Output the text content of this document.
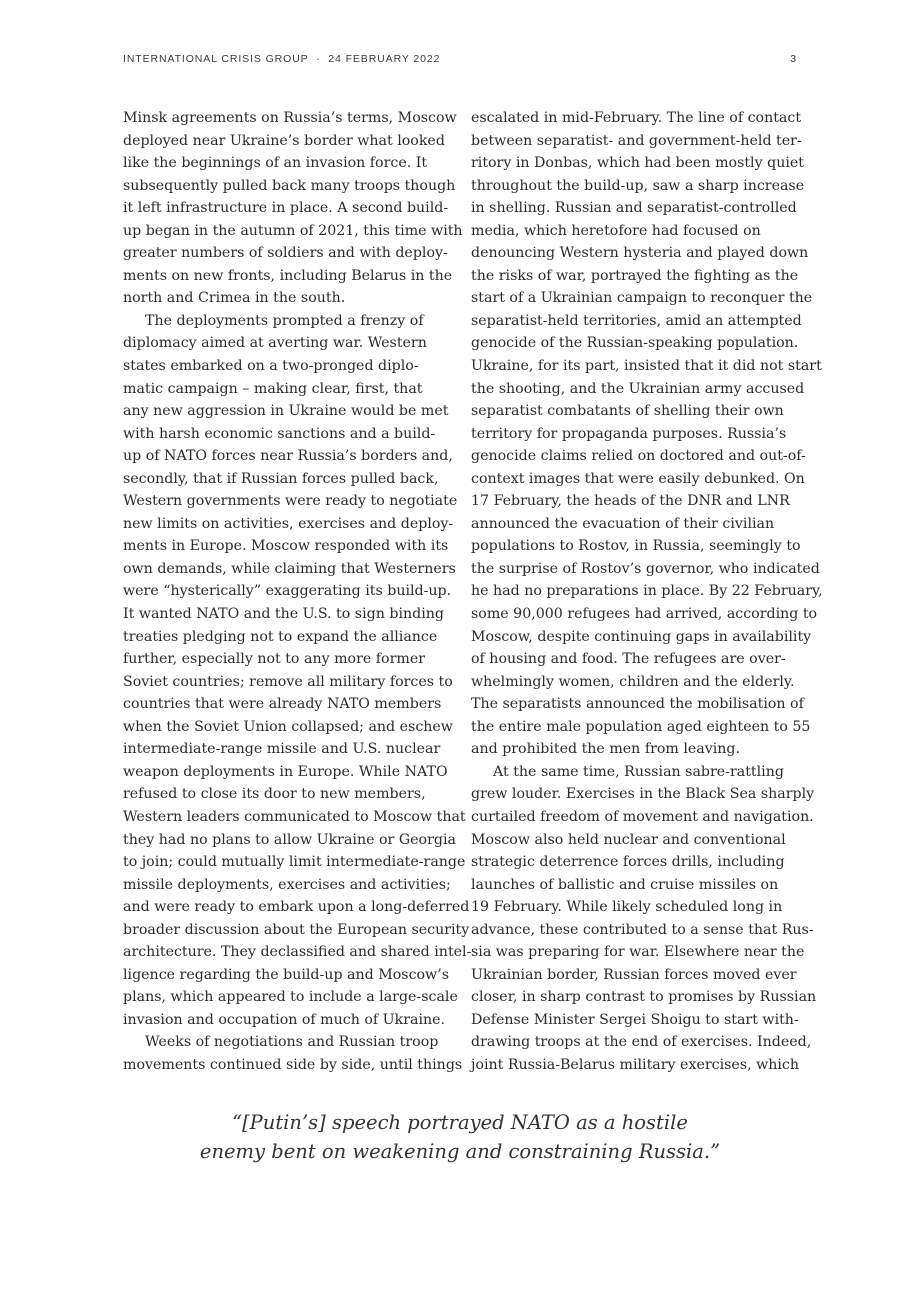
INTERNATIONAL CRISIS GROUP · 24 FEBRUARY 2022	3
Minsk agreements on Russia’s terms, Moscow
deployed near Ukraine’s border what looked
like the beginnings of an invasion force. It
subsequently pulled back many troops though
it left infrastructure in place. A second build-
up began in the autumn of 2021, this time with
greater numbers of soldiers and with deploy-
ments on new fronts, including Belarus in the
north and Crimea in the south.
The deployments prompted a frenzy of
diplomacy aimed at averting war. Western
states embarked on a two-pronged diplo-
matic campaign – making clear, first, that
any new aggression in Ukraine would be met
with harsh economic sanctions and a build-
up of NATO forces near Russia’s borders and,
secondly, that if Russian forces pulled back,
Western governments were ready to negotiate
new limits on activities, exercises and deploy-
ments in Europe. Moscow responded with its
own demands, while claiming that Westerners
were “hysterically” exaggerating its build-up.
It wanted NATO and the U.S. to sign binding
treaties pledging not to expand the alliance
further, especially not to any more former
Soviet countries; remove all military forces to
countries that were already NATO members
when the Soviet Union collapsed; and eschew
intermediate-range missile and U.S. nuclear
weapon deployments in Europe. While NATO
refused to close its door to new members,
Western leaders communicated to Moscow that
they had no plans to allow Ukraine or Georgia
to join; could mutually limit intermediate-range
missile deployments, exercises and activities;
and were ready to embark upon a long-deferred
broader discussion about the European security
architecture. They declassified and shared intel-
ligence regarding the build-up and Moscow’s
plans, which appeared to include a large-scale
invasion and occupation of much of Ukraine.
Weeks of negotiations and Russian troop
movements continued side by side, until things
escalated in mid-February. The line of contact
between separatist- and government-held ter-
ritory in Donbas, which had been mostly quiet
throughout the build-up, saw a sharp increase
in shelling. Russian and separatist-controlled
media, which heretofore had focused on
denouncing Western hysteria and played down
the risks of war, portrayed the fighting as the
start of a Ukrainian campaign to reconquer the
separatist-held territories, amid an attempted
genocide of the Russian-speaking population.
Ukraine, for its part, insisted that it did not start
the shooting, and the Ukrainian army accused
separatist combatants of shelling their own
territory for propaganda purposes. Russia’s
genocide claims relied on doctored and out-of-
context images that were easily debunked. On
17 February, the heads of the DNR and LNR
announced the evacuation of their civilian
populations to Rostov, in Russia, seemingly to
the surprise of Rostov’s governor, who indicated
he had no preparations in place. By 22 February,
some 90,000 refugees had arrived, according to
Moscow, despite continuing gaps in availability
of housing and food. The refugees are over-
whelmingly women, children and the elderly.
The separatists announced the mobilisation of
the entire male population aged eighteen to 55
and prohibited the men from leaving.
At the same time, Russian sabre-rattling
grew louder. Exercises in the Black Sea sharply
curtailed freedom of movement and navigation.
Moscow also held nuclear and conventional
strategic deterrence forces drills, including
launches of ballistic and cruise missiles on
19 February. While likely scheduled long in
advance, these contributed to a sense that Rus-
sia was preparing for war. Elsewhere near the
Ukrainian border, Russian forces moved ever
closer, in sharp contrast to promises by Russian
Defense Minister Sergei Shoigu to start with-
drawing troops at the end of exercises. Indeed,
joint Russia-Belarus military exercises, which
“[Putin’s] speech portrayed NATO as a hostile
enemy bent on weakening and constraining Russia.”
